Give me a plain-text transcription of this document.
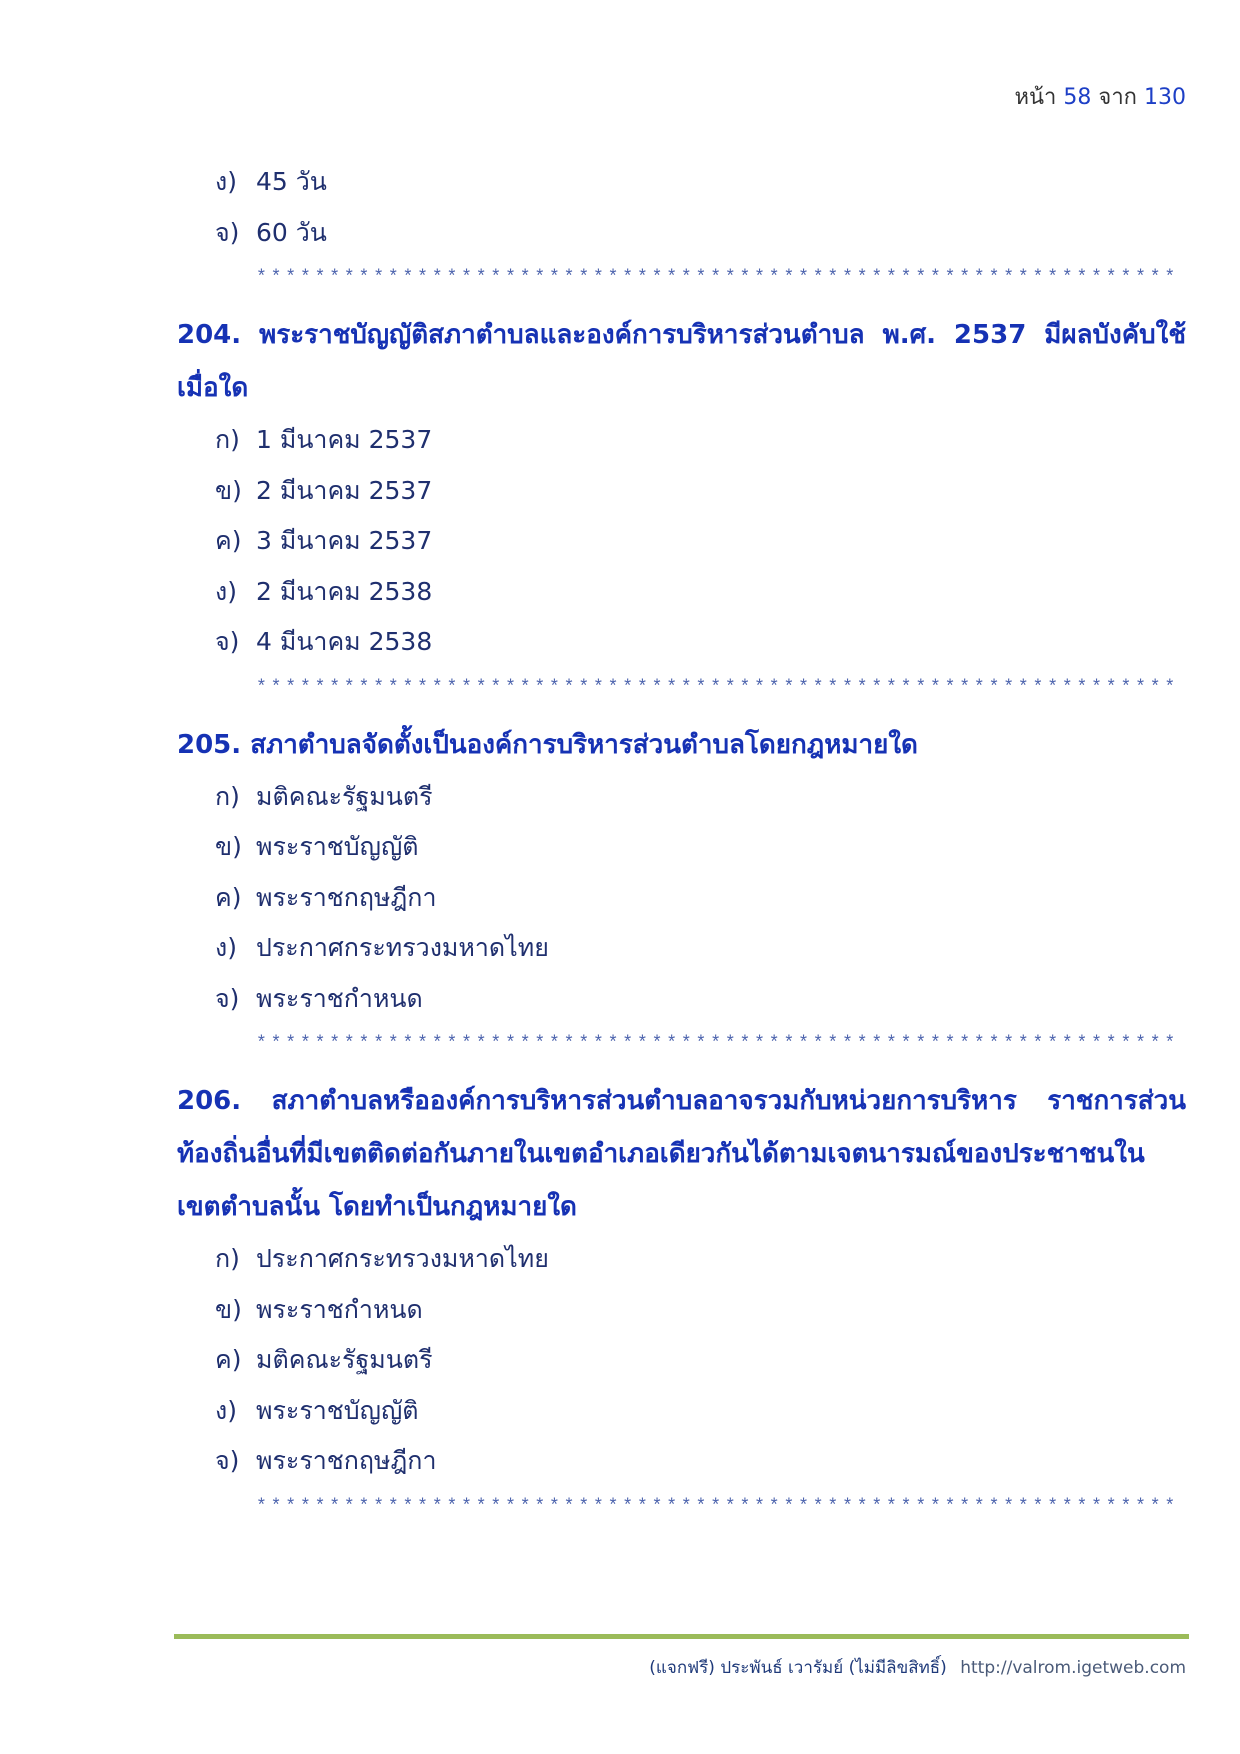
หน้า 58 จาก 130
ง) 45 วัน
จ) 60 วัน
***************************************************************
204. พระราชบัญญัติสภาตำบลและองค์การบริหารส่วนตำบล พ.ศ. 2537 มีผลบังคับใช้
เมื่อใด
ก) 1 มีนาคม 2537
ข) 2 มีนาคม 2537
ค) 3 มีนาคม 2537
ง) 2 มีนาคม 2538
จ) 4 มีนาคม 2538
***************************************************************
205. สภาตำบลจัดตั้งเป็นองค์การบริหารส่วนตำบลโดยกฎหมายใด
ก) มติคณะรัฐมนตรี
ข) พระราชบัญญัติ
ค) พระราชกฤษฎีกา
ง) ประกาศกระทรวงมหาดไทย
จ) พระราชกำหนด
***************************************************************
206. สภาตำบลหรือองค์การบริหารส่วนตำบลอาจรวมกับหน่วยการบริหาร ราชการส่วน
ท้องถิ่นอื่นที่มีเขตติดต่อกันภายในเขตอำเภอเดียวกันได้ตามเจตนารมณ์ของประชาชนใน
เขตตำบลนั้น โดยทำเป็นกฎหมายใด
ก) ประกาศกระทรวงมหาดไทย
ข) พระราชกำหนด
ค) มติคณะรัฐมนตรี
ง) พระราชบัญญัติ
จ) พระราชกฤษฎีกา
***************************************************************
(แจกฟรี) ประพันธ์ เวารัมย์ (ไม่มีลิขสิทธิ์) http://valrom.igetweb.com
